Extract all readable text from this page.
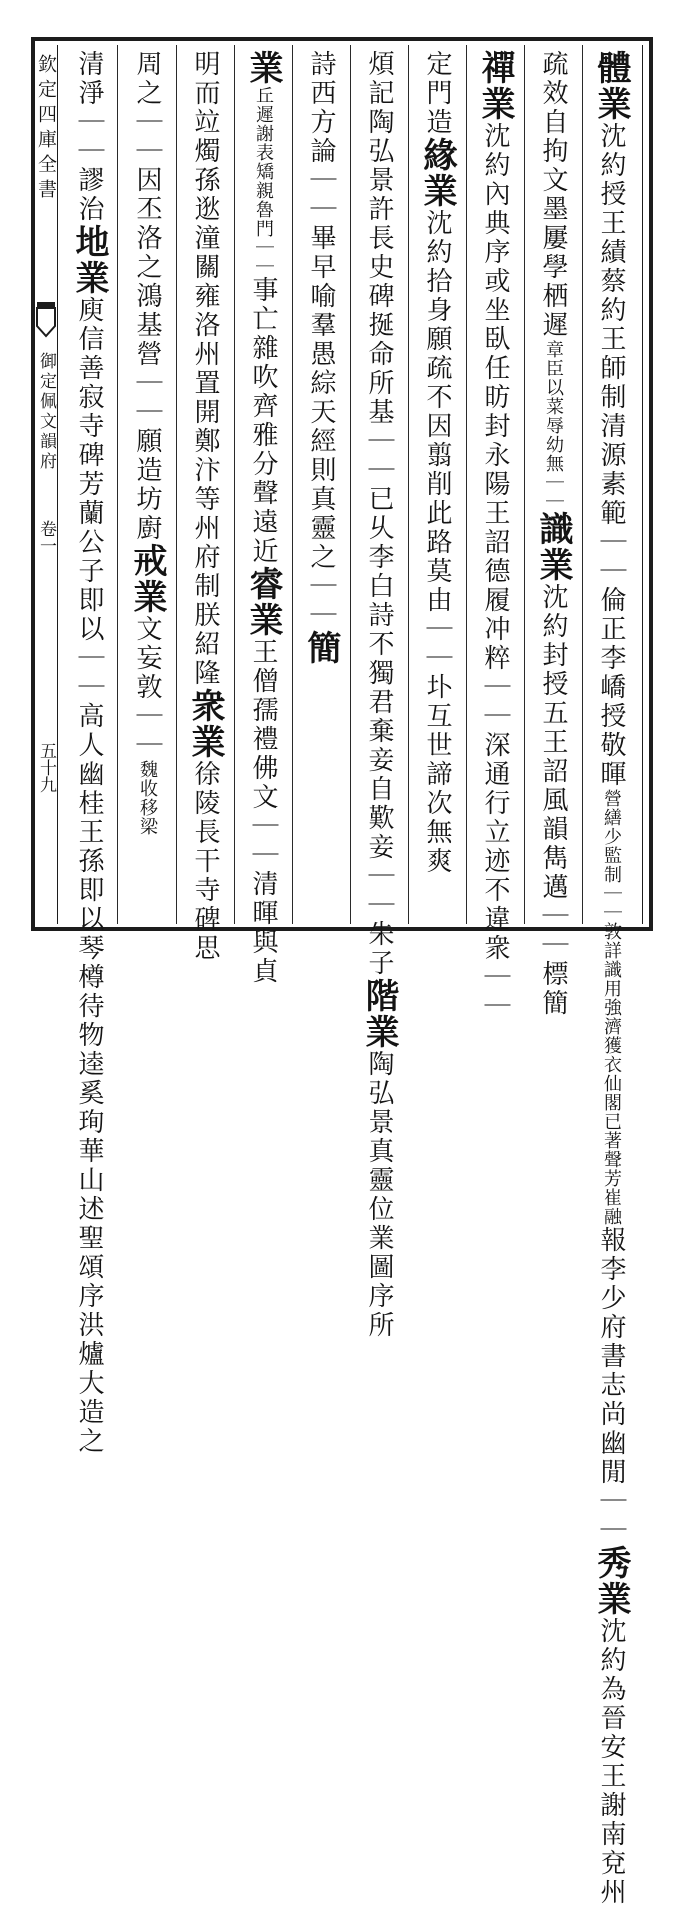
欽定四庫全書
御定佩文韻府
卷一
五十九
體業沈約授王績蔡約王師制清源素範｜｜倫正李嶠授敬暉營繕少監制｜｜敦詳識用強濟獲衣仙閣已著聲芳崔融報李少府書志尚幽閒｜｜秀業沈約為晉安王謝南兗州
疏效自拘文墨屢學栖遲章臣以菜辱幼無｜｜識業沈約封授五王詔風韻雋邁｜｜標簡
禪業沈約內典序或坐臥任昉封永陽王詔德履冲粹｜｜深通行立迹不違衆｜｜
定門造緣業沈約拾身願疏不因翦削此路莫由｜｜圤互世諦次無爽
煩記陶弘景許長史碑挻命所基｜｜已乆李白詩不獨君棄妾自歎妾｜｜朱子階業陶弘景真靈位業圖序所
詩西方論｜｜畢早喻羣愚綜天經則真靈之｜｜簡
業丘遲謝表矯親魯門｜｜事亡雜吹齊雅分聲遠近睿業王僧孺禮佛文｜｜清暉與貞
明而竝燭孫逖潼關雍洛州置開鄭汴等州府制朕紹隆衆業徐陵長干寺碑思
周之｜｜因丕洛之鴻基營｜｜願造坊廚戒業文妄敦｜｜魏收移梁
清淨｜｜謬治地業庾信善寂寺碑芳蘭公子即以｜｜高人幽桂王孫即以琴樽待物逵奚珣華山述聖頌序洪爐大造之
